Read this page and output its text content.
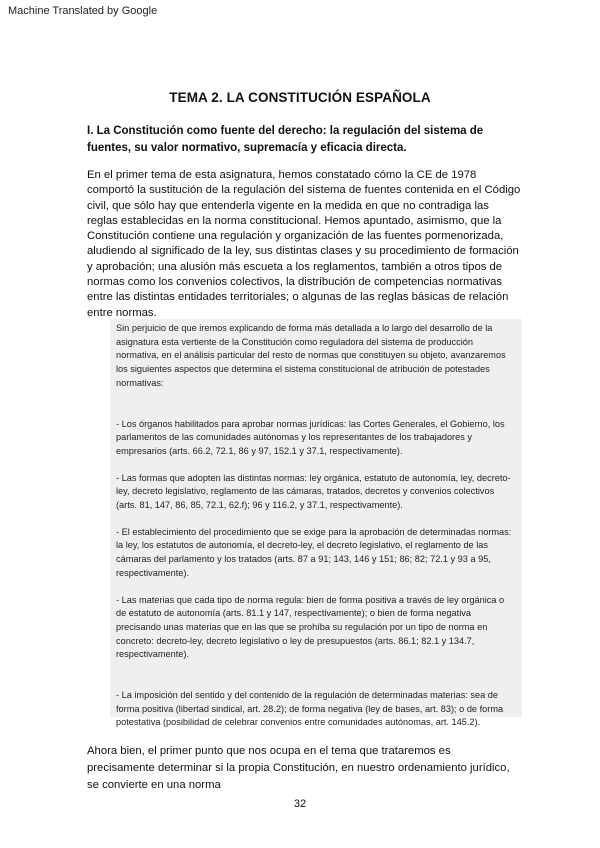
Machine Translated by Google
TEMA 2. LA CONSTITUCIÓN ESPAÑOLA
I. La Constitución como fuente del derecho: la regulación del sistema de fuentes, su valor normativo, supremacía y eficacia directa.
En el primer tema de esta asignatura, hemos constatado cómo la CE de 1978 comportó la sustitución de la regulación del sistema de fuentes contenida en el Código civil, que sólo hay que entenderla vigente en la medida en que no contradiga las reglas establecidas en la norma constitucional. Hemos apuntado, asimismo, que la Constitución contiene una regulación y organización de las fuentes pormenorizada, aludiendo al significado de la ley, sus distintas clases y su procedimiento de formación y aprobación; una alusión más escueta a los reglamentos, también a otros tipos de normas como los convenios colectivos, la distribución de competencias normativas entre las distintas entidades territoriales; o algunas de las reglas básicas de relación entre normas.

Sin perjuicio de que iremos explicando de forma más detallada a lo largo del desarrollo de la asignatura esta vertiente de la Constitución como reguladora del sistema de producción normativa, en el análisis particular del resto de normas que constituyen su objeto, avanzaremos los siguientes aspectos que determina el sistema constitucional de atribución de potestades normativas:

- Los órganos habilitados para aprobar normas jurídicas: las Cortes Generales, el Gobierno, los parlamentos de las comunidades autónomas y los representantes de los trabajadores y empresarios (arts. 66.2, 72.1, 86 y 97, 152.1 y 37.1, respectivamente).

- Las formas que adopten las distintas normas: ley orgánica, estatuto de autonomía, ley, decreto-ley, decreto legislativo, reglamento de las cámaras, tratados, decretos y convenios colectivos (arts. 81, 147, 86, 85, 72.1, 62.f); 96 y 116.2, y 37.1, respectivamente).

- El establecimiento del procedimiento que se exige para la aprobación de determinadas normas: la ley, los estatutos de autonomía, el decreto-ley, el decreto legislativo, el reglamento de las cámaras del parlamento y los tratados (arts. 87 a 91; 143, 146 y 151; 86; 82; 72.1 y 93 a 95, respectivamente).

- Las materias que cada tipo de norma regula: bien de forma positiva a través de ley orgánica o de estatuto de autonomía (arts. 81.1 y 147, respectivamente); o bien de forma negativa precisando unas materias que en las que se prohíba su regulación por un tipo de norma en concreto: decreto-ley, decreto legislativo o ley de presupuestos (arts. 86.1; 82.1 y 134.7, respectivamente).

- La imposición del sentido y del contenido de la regulación de determinadas materias: sea de forma positiva (libertad sindical, art. 28.2); de forma negativa (ley de bases, art. 83); o de forma potestativa (posibilidad de celebrar convenios entre comunidades autónomas, art. 145.2).

Ahora bien, el primer punto que nos ocupa en el tema que trataremos es precisamente determinar si la propia Constitución, en nuestro ordenamiento jurídico, se convierte en una norma
32
